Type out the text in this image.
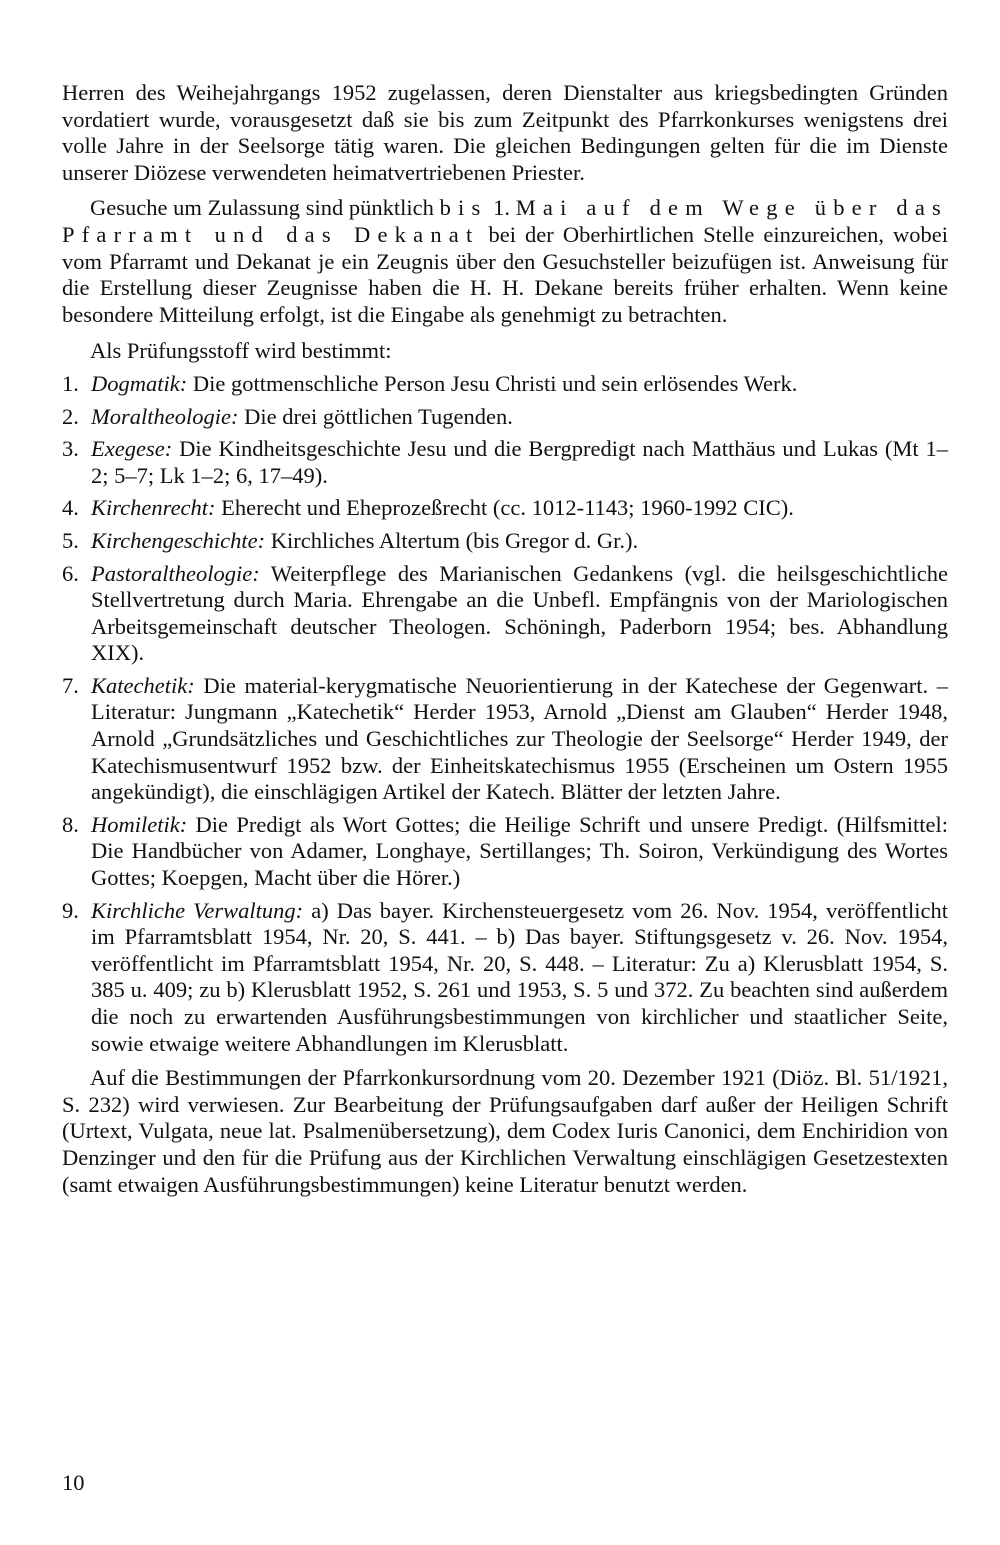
Herren des Weihejahrgangs 1952 zugelassen, deren Dienstalter aus kriegsbedingten Gründen vordatiert wurde, vorausgesetzt daß sie bis zum Zeitpunkt des Pfarrkonkurses wenigstens drei volle Jahre in der Seelsorge tätig waren. Die gleichen Bedingungen gelten für die im Dienste unserer Diözese verwendeten heimatvertriebenen Priester.

Gesuche um Zulassung sind pünktlich bis 1. Mai auf dem Wege über das Pfarramt und das Dekanat bei der Oberhirtlichen Stelle einzureichen, wobei vom Pfarramt und Dekanat je ein Zeugnis über den Gesuchsteller beizufügen ist. Anweisung für die Erstellung dieser Zeugnisse haben die H. H. Dekane bereits früher erhalten. Wenn keine besondere Mitteilung erfolgt, ist die Eingabe als genehmigt zu betrachten.

Als Prüfungsstoff wird bestimmt:

1. Dogmatik: Die gottmenschliche Person Jesu Christi und sein erlösendes Werk.
2. Moraltheologie: Die drei göttlichen Tugenden.
3. Exegese: Die Kindheitsgeschichte Jesu und die Bergpredigt nach Matthäus und Lukas (Mt 1–2; 5–7; Lk 1–2; 6, 17–49).
4. Kirchenrecht: Eherecht und Eheprozeßrecht (cc. 1012-1143; 1960-1992 CIC).
5. Kirchengeschichte: Kirchliches Altertum (bis Gregor d. Gr.).
6. Pastoraltheologie: Weiterpflege des Marianischen Gedankens (vgl. die heilsgeschichtliche Stellvertretung durch Maria. Ehrengabe an die Unbefl. Empfängnis von der Mariologischen Arbeitsgemeinschaft deutscher Theologen. Schöningh, Paderborn 1954; bes. Abhandlung XIX).
7. Katechetik: Die material-kerygmatische Neuorientierung in der Katechese der Gegenwart. – Literatur: Jungmann „Katechetik“ Herder 1953, Arnold „Dienst am Glauben“ Herder 1948, Arnold „Grundsätzliches und Geschichtliches zur Theologie der Seelsorge“ Herder 1949, der Katechismusentwurf 1952 bzw. der Einheitskatechismus 1955 (Erscheinen um Ostern 1955 angekündigt), die einschlägigen Artikel der Katech. Blätter der letzten Jahre.
8. Homiletik: Die Predigt als Wort Gottes; die Heilige Schrift und unsere Predigt. (Hilfsmittel: Die Handbücher von Adamer, Longhaye, Sertillanges; Th. Soiron, Verkündigung des Wortes Gottes; Koepgen, Macht über die Hörer.)
9. Kirchliche Verwaltung: a) Das bayer. Kirchensteuergesetz vom 26. Nov. 1954, veröffentlicht im Pfarramtsblatt 1954, Nr. 20, S. 441. – b) Das bayer. Stiftungsgesetz v. 26. Nov. 1954, veröffentlicht im Pfarramtsblatt 1954, Nr. 20, S. 448. – Literatur: Zu a) Klerusblatt 1954, S. 385 u. 409; zu b) Klerusblatt 1952, S. 261 und 1953, S. 5 und 372. Zu beachten sind außerdem die noch zu erwartenden Ausführungsbestimmungen von kirchlicher und staatlicher Seite, sowie etwaige weitere Abhandlungen im Klerusblatt.

Auf die Bestimmungen der Pfarrkonkursordnung vom 20. Dezember 1921 (Diöz. Bl. 51/1921, S. 232) wird verwiesen. Zur Bearbeitung der Prüfungsaufgaben darf außer der Heiligen Schrift (Urtext, Vulgata, neue lat. Psalmenübersetzung), dem Codex Iuris Canonici, dem Enchiridion von Denzinger und den für die Prüfung aus der Kirchlichen Verwaltung einschlägigen Gesetzestexten (samt etwaigen Ausführungsbestimmungen) keine Literatur benutzt werden.

10
